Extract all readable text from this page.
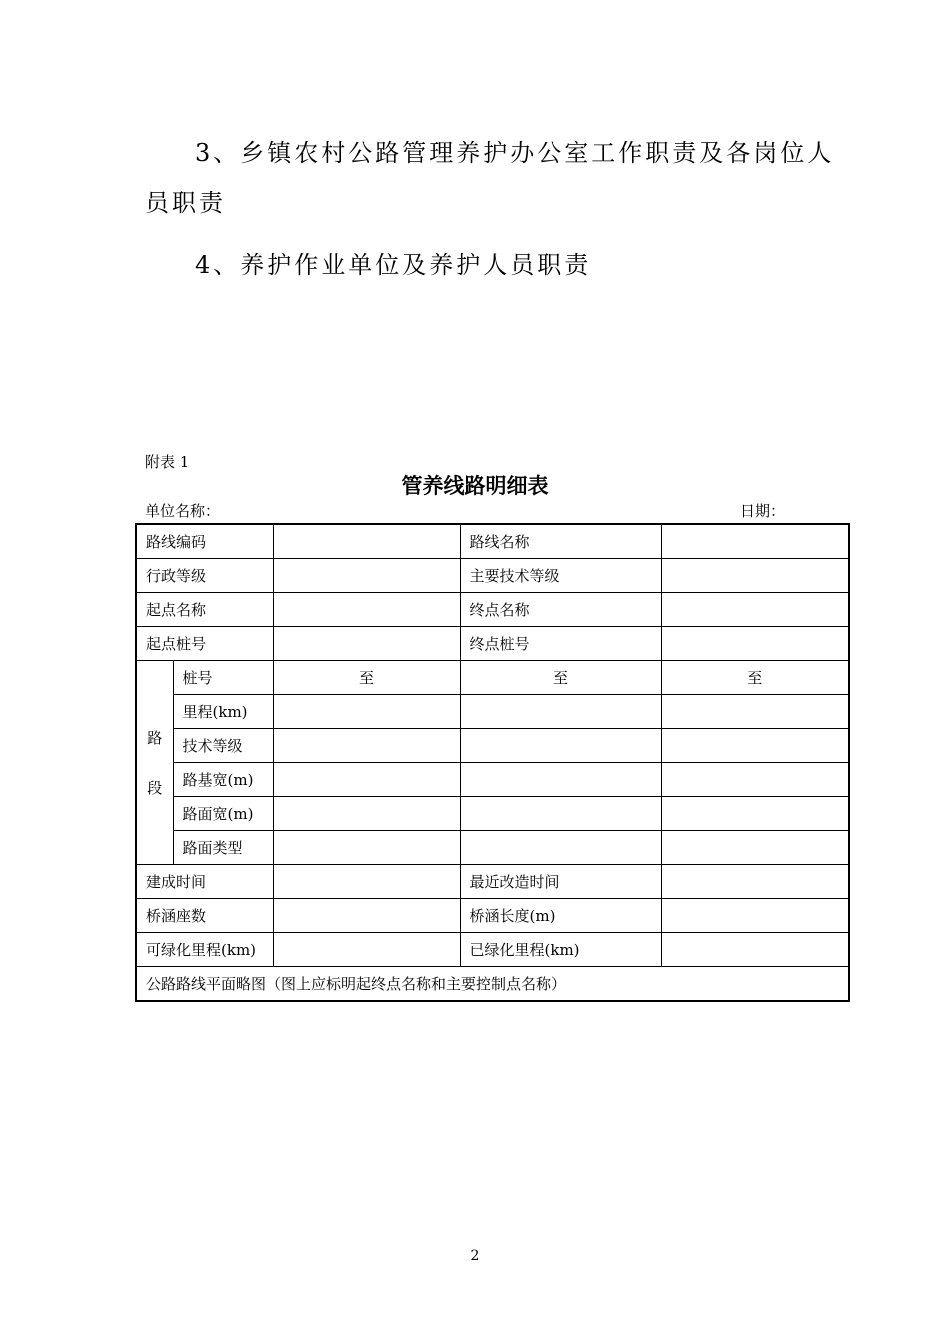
3、乡镇农村公路管理养护办公室工作职责及各岗位人
员职责
4、养护作业单位及养护人员职责
附表 1
管养线路明细表
单位名称：	日期：
路线编码			路线名称	
行政等级			主要技术等级	
起点名称			终点名称	
起点桩号			终点桩号	

路
段	桩号	至	至	至
	里程(km)			
	技术等级			
	路基宽(m)			
	路面宽(m)			
	路面类型			
建成时间			最近改造时间	
桥涵座数			桥涵长度(m)	
可绿化里程(km)			已绿化里程(km)	
公路路线平面略图（图上应标明起终点名称和主要控制点名称）				
2
